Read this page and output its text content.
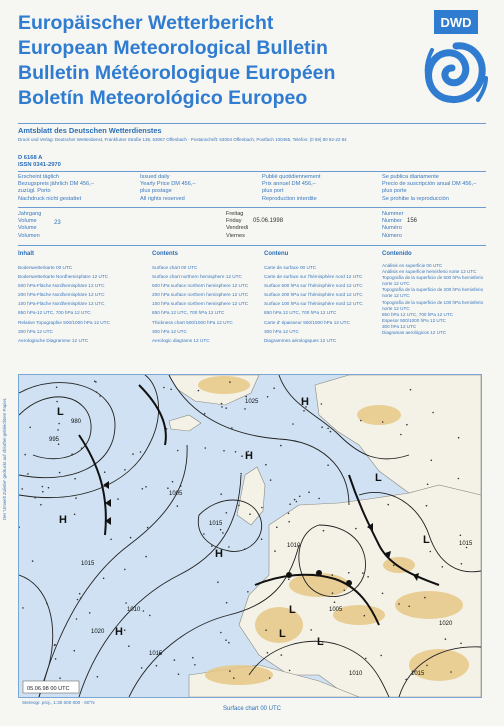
Europäischer Wetterbericht
European Meteorological Bulletin
Bulletin Météorologique Européen
Boletín Meteorológico Europeo
DWD
Amtsblatt des Deutschen Wetterdienstes
Druck und Verlag: Deutscher Wetterdienst, Frankfurter Straße 135, 63067 Offenbach · Postanschrift: 63004 Offenbach, Postfach 100465, Telefon: (0 69) 80 62-22 84
D 6168 A
ISSN 0341-2970
Erscheint täglich
Bezugspreis jährlich DM 456,–
zuzügl. Porto
Nachdruck nicht gestattet
Issued daily
Yearly Price DM 456,–
plus postage
All rights reserved
Publié quotidiennement
Prix annuel DM 456,–
plus port
Reproduction interdite
Se publica diariamente
Precio de suscripción anual DM 456,–
plus porte
Se prohibe la reproducción
Jahrgang
Volume
Volume
Volumen
23
Freitag
Friday
Vendredi
Viernes
05.06.1998
Nummer
Number
Numéro
Número
156
Inhalt
Bodenwetterkarte 00 UTC
Bodenwetterkarte Nordhemisphäre 12 UTC
500 hPa-Fläche Nordhemisphäre 12 UTC
200 hPa-Fläche Nordhemisphäre 12 UTC
100 hPa-Fläche Nordhemisphäre 12 UTC
850 hPa-12 UTC, 700 hPa 12 UTC
Relative Topographie 500/1000 hPa 12 UTC
300 hPa 12 UTC
Aerologische Diagramme 12 UTC
Contents
Surface chart 00 UTC
Surface chart northern hemisphere 12 UTC
500 hPa surface northern hemisphere 12 UTC
200 hPa surface northern hemisphere 12 UTC
100 hPa surface northern hemisphere 12 UTC
850 hPa 12 UTC, 700 hPa 12 UTC
Thickness chart 500/1000 hPa 12 UTC
300 hPa 12 UTC
Aerologic diagrams 12 UTC
Contenu
Carte de surface 00 UTC
Carte de surface sur l'hémisphère nord 12 UTC
Surface 500 hPa sur l'hémisphère nord 12 UTC
Surface 200 hPa sur l'hémisphère nord 12 UTC
Surface 100 hPa sur l'hémisphère nord 12 UTC
850 hPa 12 UTC, 700 hPa 12 UTC
Carte d' épaisseur 500/1000 hPa 12 UTC
300 hPa 12 UTC
Diagrammes aérologiques 12 UTC
Contenido
Análisis en superficie 00 UTC
Análisis en superficie hemisferio norte 12 UTC
Topografía de la superficie de 500 hPa hemisferio norte 12 UTC
Topografía de la superficie de 200 hPa hemisferio norte 12 UTC
Topografía de la superficie de 100 hPa hemisferio norte 12 UTC
850 hPa 12 UTC, 700 hPa 12 UTC
Espesor 500/1000 hPa 12 UTC
300 hPa 12 UTC
Diagramas aerológicos 12 UTC
980
995
1025
1005
1015
1010
1020
1015
1010
1005
1015
1020
1015
1010
1015
L
H
H
H
H
L
L
L
L
L
H
05.06.98 00 UTC
Stereogr. proj., 1:30 000 000 · 60°N
Surface chart 00 UTC
Der 'Umwelt Zuliebe' gedruckt auf chlorfrei gebleichtem Papier.
